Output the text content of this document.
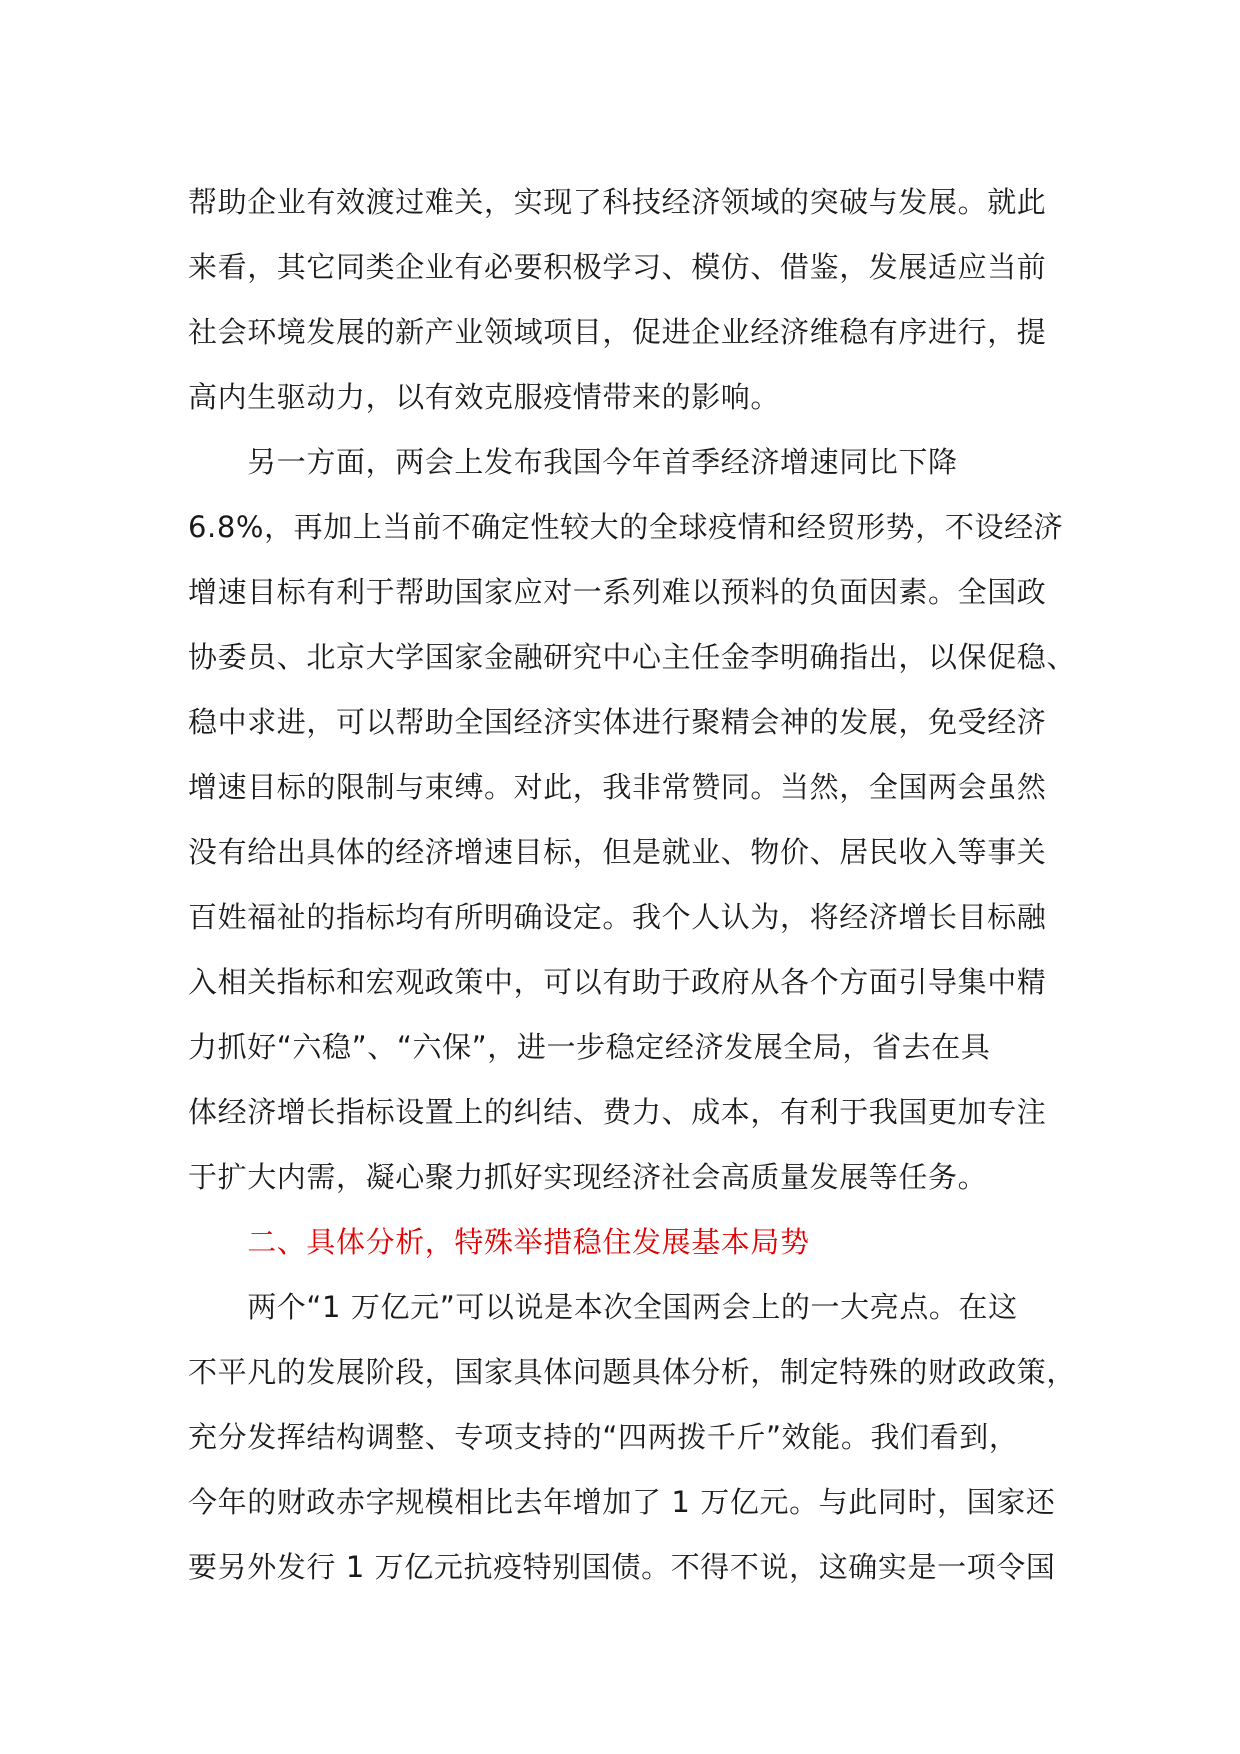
帮助企业有效渡过难关，实现了科技经济领域的突破与发展。就此
来看，其它同类企业有必要积极学习、模仿、借鉴，发展适应当前
社会环境发展的新产业领域项目，促进企业经济维稳有序进行，提
高内生驱动力，以有效克服疫情带来的影响。
　　另一方面，两会上发布我国今年首季经济增速同比下降
6.8%，再加上当前不确定性较大的全球疫情和经贸形势，不设经济
增速目标有利于帮助国家应对一系列难以预料的负面因素。全国政
协委员、北京大学国家金融研究中心主任金李明确指出，以保促稳、
稳中求进，可以帮助全国经济实体进行聚精会神的发展，免受经济
增速目标的限制与束缚。对此，我非常赞同。当然，全国两会虽然
没有给出具体的经济增速目标，但是就业、物价、居民收入等事关
百姓福祉的指标均有所明确设定。我个人认为，将经济增长目标融
入相关指标和宏观政策中，可以有助于政府从各个方面引导集中精
力抓好“六稳”、“六保”，进一步稳定经济发展全局，省去在具
体经济增长指标设置上的纠结、费力、成本，有利于我国更加专注
于扩大内需，凝心聚力抓好实现经济社会高质量发展等任务。
　　二、具体分析，特殊举措稳住发展基本局势
　　两个“1 万亿元”可以说是本次全国两会上的一大亮点。在这
不平凡的发展阶段，国家具体问题具体分析，制定特殊的财政政策，
充分发挥结构调整、专项支持的“四两拨千斤”效能。我们看到，
今年的财政赤字规模相比去年增加了 1 万亿元。与此同时，国家还
要另外发行 1 万亿元抗疫特别国债。不得不说，这确实是一项令国
